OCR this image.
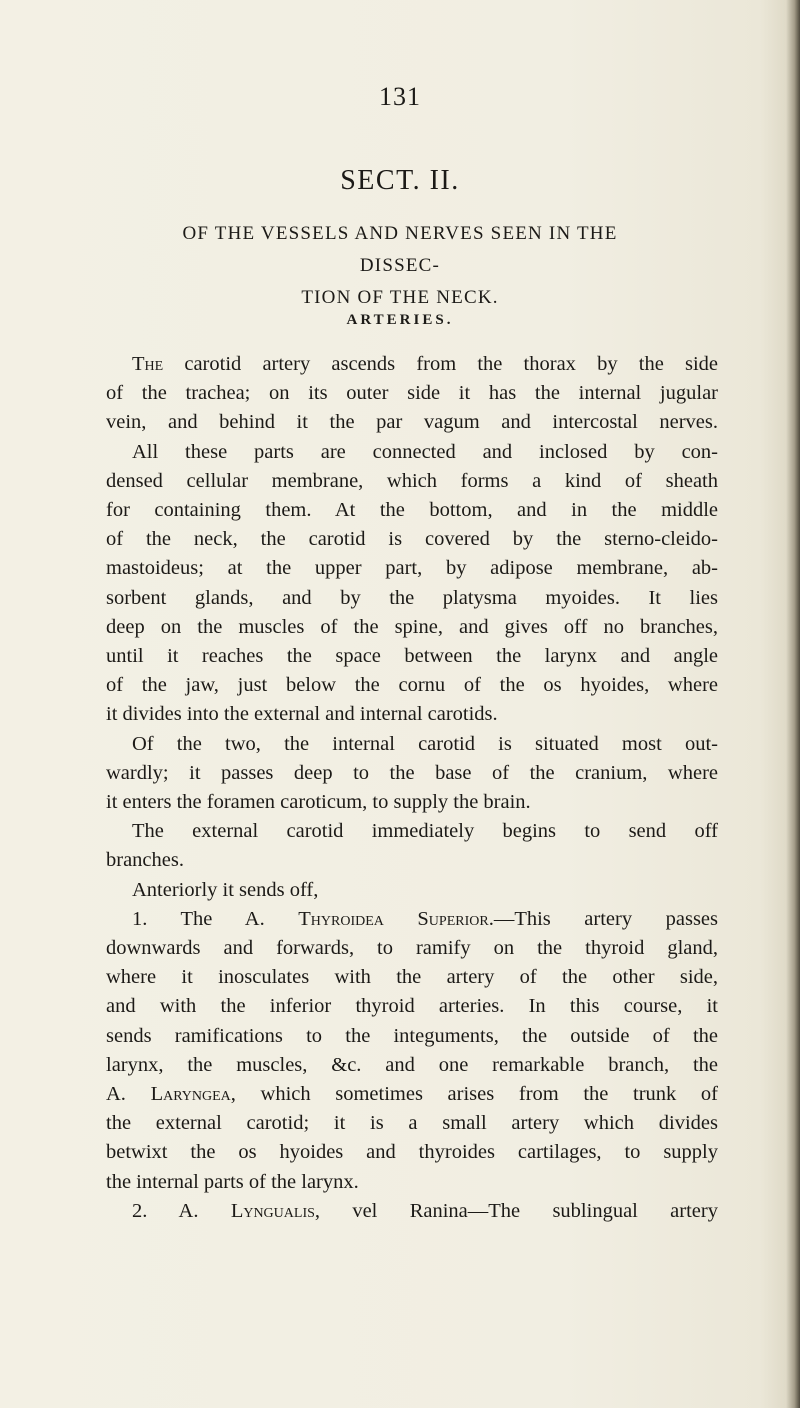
131
SECT. II.
OF THE VESSELS AND NERVES SEEN IN THE DISSEC-
TION OF THE NECK.
ARTERIES.
The carotid artery ascends from the thorax by the side
of the trachea; on its outer side it has the internal jugular
vein, and behind it the par vagum and intercostal nerves.
All these parts are connected and inclosed by con-
densed cellular membrane, which forms a kind of sheath
for containing them. At the bottom, and in the middle
of the neck, the carotid is covered by the sterno-cleido-
mastoideus; at the upper part, by adipose membrane, ab-
sorbent glands, and by the platysma myoides. It lies
deep on the muscles of the spine, and gives off no branches,
until it reaches the space between the larynx and angle
of the jaw, just below the cornu of the os hyoides, where
it divides into the external and internal carotids.
Of the two, the internal carotid is situated most out-
wardly; it passes deep to the base of the cranium, where
it enters the foramen caroticum, to supply the brain.
The external carotid immediately begins to send off
branches.
Anteriorly it sends off,
1. The A. Thyroidea Superior.—This artery passes
downwards and forwards, to ramify on the thyroid gland,
where it inosculates with the artery of the other side,
and with the inferior thyroid arteries. In this course, it
sends ramifications to the integuments, the outside of the
larynx, the muscles, &c. and one remarkable branch, the
A. Laryngea, which sometimes arises from the trunk of
the external carotid; it is a small artery which divides
betwixt the os hyoides and thyroides cartilages, to supply
the internal parts of the larynx.
2. A. Lyngualis, vel Ranina—The sublingual artery
